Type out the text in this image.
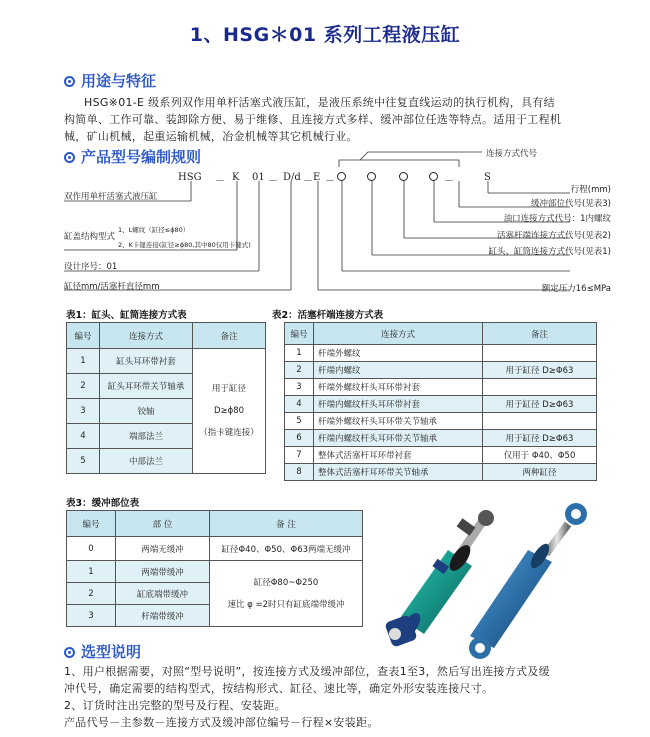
1、HSG＊01 系列工程液压缸
用途与特征
HSG※01-E 级系列双作用单杆活塞式液压缸，是液压系统中往复直线运动的执行机构，具有结
构简单、工作可靠、装卸除方便、易于维修、且连接方式多样、缓冲部位任选等特点。适用于工程机
械，矿山机械，起重运输机械，冶金机械等其它机械行业。
产品型号编制规则
HSG － K 01 － D/d － E －	－	S
双作用单杆活塞式液压缸
缸盖结构型式
1、L螺纹（缸径≤ϕ80）
2、K卡键连接(缸径≥ϕ80,其中80仅用卡键式)
设计序号：01
缸径mm/活塞杆直径mm
连接方式代号
行程(mm)
缓冲部位代号(见表3)
油口连接方式代号：1内螺纹
活塞杆端连接方式代号(见表2)
缸头、缸筒连接方式代号(见表1)
额定压力16≤MPa
表1：缸头、缸筒连接方式表
编号	连接方式	备注
1	缸头耳环带衬套	用于缸径
D≥ϕ80
（指卡键连接）

2	缸头耳环带关节轴承	
3	铰轴	
4	端部法兰	
5	中部法兰	
表2：活塞杆端连接方式表
编号	连接方式	备注
1	杆端外螺纹	
2	杆端内螺纹	用于缸径 D≥Φ63
3	杆端外螺纹杆头耳环带衬套	
4	杆端内螺纹杆头耳环带衬套	用于缸径 D≥Φ63
5	杆端外螺纹杆头耳环带关节轴承	
6	杆端内螺纹杆头耳环带关节轴承	用于缸径 D≥Φ63
7	整体式活塞杆耳环带衬套	仅用于 Φ40、Φ50
8	整体式活塞杆耳环带关节轴承	两种缸径
表3：缓冲部位表
编号	部 位	备 注
0	两端无缓冲	缸径Φ40、Φ50、Φ63两端无缓冲
1	两端带缓冲	缸径Φ80~Φ250
速比 φ =2时只有缸底端带缓冲

2	缸底端带缓冲	
3	杆端带缓冲	
选型说明
1、用户根据需要，对照“型号说明”，按连接方式及缓冲部位，查表1至3，然后写出连接方式及缓
冲代号，确定需要的结构型式，按结构形式、缸径、速比等，确定外形安装连接尺寸。
2、订货时注出完整的型号及行程、安装距。
产品代号－主参数－连接方式及缓冲部位编号－行程×安装距。
